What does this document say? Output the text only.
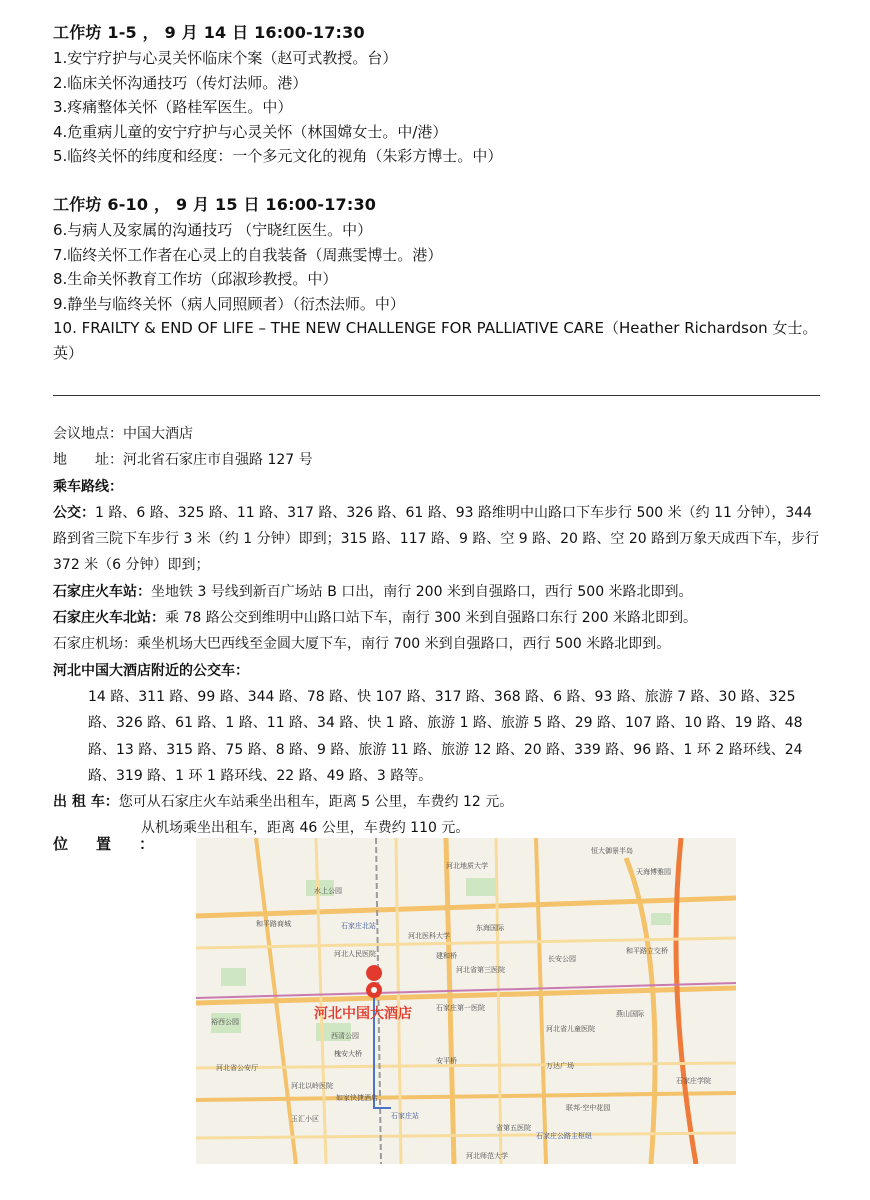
工作坊 1-5 ， 9 月 14 日 16:00-17:30
1.安宁疗护与心灵关怀临床个案（赵可式教授。台）
2.临床关怀沟通技巧（传灯法师。港）
3.疼痛整体关怀（路桂军医生。中）
4.危重病儿童的安宁疗护与心灵关怀（林国嫦女士。中/港）
5.临终关怀的纬度和经度：一个多元文化的视角（朱彩方博士。中）
工作坊 6-10 ， 9 月 15 日 16:00-17:30
6.与病人及家属的沟通技巧 （宁晓红医生。中）
7.临终关怀工作者在心灵上的自我装备（周燕雯博士。港）
8.生命关怀教育工作坊（邱淑珍教授。中）
9.静坐与临终关怀（病人同照顾者）（衍杰法师。中）
10. FRAILTY & END OF LIFE – THE NEW CHALLENGE FOR PALLIATIVE CARE（Heather Richardson 女士。英）

会议地点：中国大酒店

地　　址：河北省石家庄市自强路 127 号

乘车路线：

公交：1 路、6 路、325 路、11 路、317 路、326 路、61 路、93 路维明中山路口下车步行 500 米（约 11 分钟），344 路到省三院下车步行 3 米（约 1 分钟）即到；315 路、117 路、9 路、空 9 路、20 路、空 20 路到万象天成西下车，步行 372 米（6 分钟）即到；

石家庄火车站：坐地铁 3 号线到新百广场站 B 口出，南行 200 米到自强路口，西行 500 米路北即到。

石家庄火车北站：乘 78 路公交到维明中山路口站下车，南行 300 米到自强路口东行 200 米路北即到。

石家庄机场：乘坐机场大巴西线至金圆大厦下车，南行 700 米到自强路口，西行 500 米路北即到。

河北中国大酒店附近的公交车：

14 路、311 路、99 路、344 路、78 路、快 107 路、317 路、368 路、6 路、93 路、旅游 7 路、30 路、325 路、326 路、61 路、1 路、11 路、34 路、快 1 路、旅游 1 路、旅游 5 路、29 路、107 路、10 路、19 路、48 路、13 路、315 路、75 路、8 路、9 路、旅游 11 路、旅游 12 路、20 路、339 路、96 路、1 环 2 路环线、24 路、319 路、1 环 1 路环线、22 路、49 路、3 路等。

出 租 车：您可从石家庄火车站乘坐出租车，距离 5 公里，车费约 12 元。

从机场乘坐出租车，距离 46 公里，车费约 110 元。

位置：
河北中国大酒店
恒大御景半岛
天海博雅园
河北地质大学
水上公园
石家庄北站
和平路商城
河北人民医院
河北医科大学
东海国际
建和桥
和平路立交桥
河北省第三医院
西清公园
槐安大桥
安平桥
万达广场
河北省儿童医院
联邦·空中花园
石家庄站
裕西公园
河北省公安厅
玉汇小区
河北师范大学
石家庄学院
省第五医院
石家庄公路主枢纽
长安公园
燕山国际
石家庄第一医院
河北以岭医院
如家快捷酒店
